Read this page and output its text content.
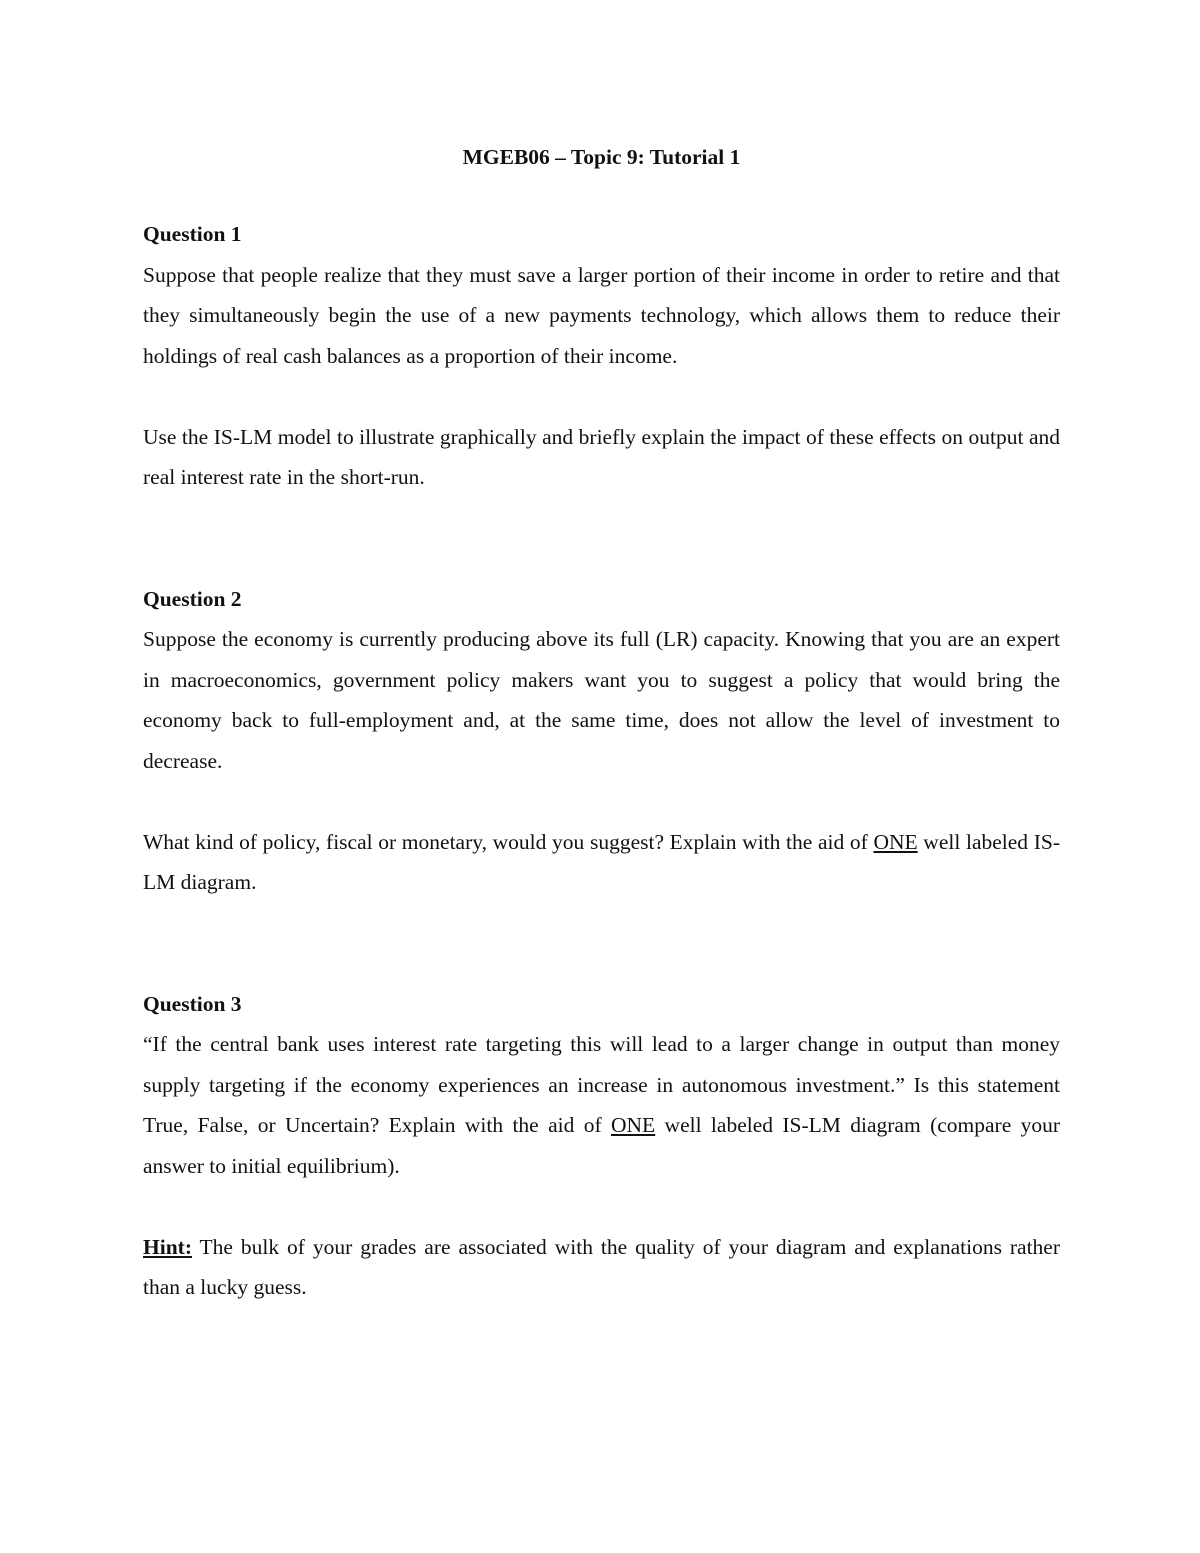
MGEB06 – Topic 9: Tutorial 1
Question 1

Suppose that people realize that they must save a larger portion of their income in order to retire and that they simultaneously begin the use of a new payments technology, which allows them to reduce their holdings of real cash balances as a proportion of their income.

Use the IS-LM model to illustrate graphically and briefly explain the impact of these effects on output and real interest rate in the short-run.

Question 2

Suppose the economy is currently producing above its full (LR) capacity. Knowing that you are an expert in macroeconomics, government policy makers want you to suggest a policy that would bring the economy back to full-employment and, at the same time, does not allow the level of investment to decrease.

What kind of policy, fiscal or monetary, would you suggest? Explain with the aid of ONE well labeled IS-LM diagram.

Question 3

“If the central bank uses interest rate targeting this will lead to a larger change in output than money supply targeting if the economy experiences an increase in autonomous investment.” Is this statement True, False, or Uncertain? Explain with the aid of ONE well labeled IS-LM diagram (compare your answer to initial equilibrium).

Hint: The bulk of your grades are associated with the quality of your diagram and explanations rather than a lucky guess.
